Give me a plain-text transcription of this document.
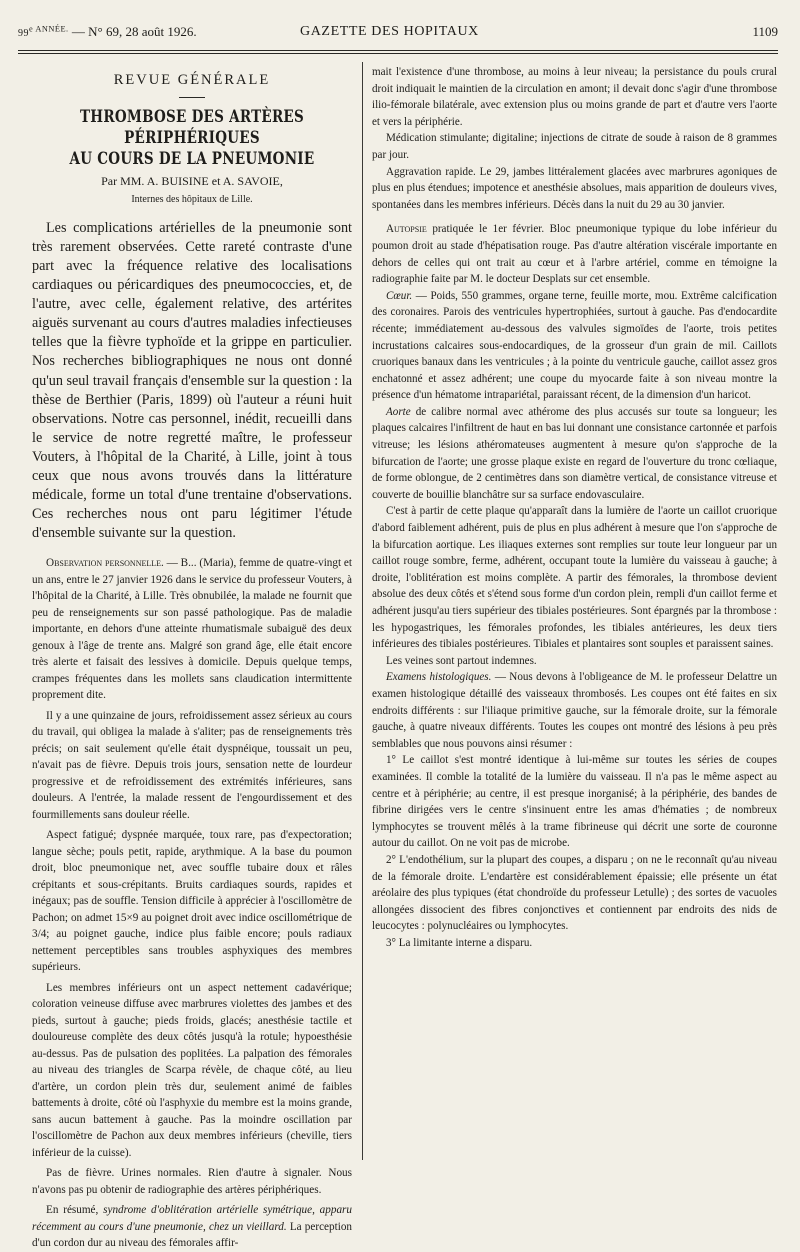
$99^{e ANNÉE.}$ — N° 69, 28 août 1926.	GAZETTE DES HOPITAUX	1109
REVUE GÉNÉRALE
THROMBOSE DES ARTÈRES PÉRIPHÉRIQUES
AU COURS DE LA PNEUMONIE
Par MM. A. BUISINE et A. SAVOIE,
Internes des hôpitaux de Lille.

Les complications artérielles de la pneumonie sont très rarement observées. Cette rareté contraste d'une part avec la fréquence relative des localisations cardiaques ou péricardiques des pneumococcies, et, de l'autre, avec celle, également relative, des artérites aiguës survenant au cours d'autres maladies infectieuses telles que la fièvre typhoïde et la grippe en particulier. Nos recherches bibliographiques ne nous ont donné qu'un seul travail français d'ensemble sur la question : la thèse de Berthier (Paris, 1899) où l'auteur a réuni huit observations. Notre cas personnel, inédit, recueilli dans le service de notre regretté maître, le professeur Vouters, à l'hôpital de la Charité, à Lille, joint à tous ceux que nous avons trouvés dans la littérature médicale, forme un total d'une trentaine d'observations. Ces recherches nous ont paru légitimer l'étude d'ensemble suivante sur la question.

Observation personnelle. — B... (Maria), femme de quatre-vingt et un ans, entre le 27 janvier 1926 dans le service du professeur Vouters, à l'hôpital de la Charité, à Lille. Très obnubilée, la malade ne fournit que peu de renseignements sur son passé pathologique. Pas de maladie importante, en dehors d'une atteinte rhumatismale subaiguë des deux genoux à l'âge de trente ans. Malgré son grand âge, elle était encore très alerte et faisait des lessives à domicile. Depuis quelque temps, crampes fréquentes dans les mollets sans claudication intermittente proprement dite.

Il y a une quinzaine de jours, refroidissement assez sérieux au cours du travail, qui obligea la malade à s'aliter; pas de renseignements très précis; on sait seulement qu'elle était dyspnéique, toussait un peu, n'avait pas de fièvre. Depuis trois jours, sensation nette de lourdeur progressive et de refroidissement des extrémités inférieures, sans douleurs. A l'entrée, la malade ressent de l'engourdissement et des fourmillements sans douleur réelle.

Aspect fatigué; dyspnée marquée, toux rare, pas d'expectoration; langue sèche; pouls petit, rapide, arythmique. A la base du poumon droit, bloc pneumonique net, avec souffle tubaire doux et râles crépitants et sous-crépitants. Bruits cardiaques sourds, rapides et inégaux; pas de souffle. Tension difficile à apprécier à l'oscillomètre de Pachon; on admet 15×9 au poignet droit avec indice oscillométrique de 3/4; au poignet gauche, indice plus faible encore; pouls radiaux nettement perceptibles sans troubles asphyxiques des membres supérieurs.

Les membres inférieurs ont un aspect nettement cadavérique; coloration veineuse diffuse avec marbrures violettes des jambes et des pieds, surtout à gauche; pieds froids, glacés; anesthésie tactile et douloureuse complète des deux côtés jusqu'à la rotule; hypoesthésie au-dessus. Pas de pulsation des poplitées. La palpation des fémorales au niveau des triangles de Scarpa révèle, de chaque côté, au lieu d'artère, un cordon plein très dur, seulement animé de faibles battements à droite, côté où l'asphyxie du membre est la moins grande, sans aucun battement à gauche. Pas la moindre oscillation par l'oscillomètre de Pachon aux deux membres inférieurs (cheville, tiers inférieur de la cuisse).

Pas de fièvre. Urines normales. Rien d'autre à signaler. Nous n'avons pas pu obtenir de radiographie des artères périphériques.

En résumé, syndrome d'oblitération artérielle symétrique, apparu récemment au cours d'une pneumonie, chez un vieillard. La perception d'un cordon dur au niveau des fémorales affir-

mait l'existence d'une thrombose, au moins à leur niveau; la persistance du pouls crural droit indiquait le maintien de la circulation en amont; il devait donc s'agir d'une thrombose ilio-fémorale bilatérale, avec extension plus ou moins grande de part et d'autre vers l'aorte et vers la périphérie.

Médication stimulante; digitaline; injections de citrate de soude à raison de 8 grammes par jour.

Aggravation rapide. Le 29, jambes littéralement glacées avec marbrures agoniques de plus en plus étendues; impotence et anesthésie absolues, mais apparition de douleurs vives, spontanées dans les membres inférieurs. Décès dans la nuit du 29 au 30 janvier.

Autopsie pratiquée le 1er février. Bloc pneumonique typique du lobe inférieur du poumon droit au stade d'hépatisation rouge. Pas d'autre altération viscérale importante en dehors de celles qui ont trait au cœur et à l'arbre artériel, comme en témoigne la radiographie faite par M. le docteur Desplats sur cet ensemble.

Cœur. — Poids, 550 grammes, organe terne, feuille morte, mou. Extrême calcification des coronaires. Parois des ventricules hypertrophiées, surtout à gauche. Pas d'endocardite récente; immédiatement au-dessous des valvules sigmoïdes de l'aorte, trois petites incrustations calcaires sous-endocardiques, de la grosseur d'un grain de mil. Caillots cruoriques banaux dans les ventricules ; à la pointe du ventricule gauche, caillot assez gros enchatonné et assez adhérent; une coupe du myocarde faite à son niveau montre la présence d'un hématome intrapariétal, paraissant récent, de la dimension d'un haricot.

Aorte de calibre normal avec athérome des plus accusés sur toute sa longueur; les plaques calcaires l'infiltrent de haut en bas lui donnant une consistance cartonnée et parfois vitreuse; les lésions athéromateuses augmentent à mesure qu'on s'approche de la bifurcation de l'aorte; une grosse plaque existe en regard de l'ouverture du tronc cœliaque, de forme oblongue, de 2 centimètres dans son diamètre vertical, de consistance vitreuse et couverte de bouillie blanchâtre sur sa surface endovasculaire.

C'est à partir de cette plaque qu'apparaît dans la lumière de l'aorte un caillot cruorique d'abord faiblement adhérent, puis de plus en plus adhérent à mesure que l'on s'approche de la bifurcation aortique. Les iliaques externes sont remplies sur toute leur longueur par un caillot rouge sombre, ferme, adhérent, occupant toute la lumière du vaisseau à gauche; à droite, l'oblitération est moins complète. A partir des fémorales, la thrombose devient absolue des deux côtés et s'étend sous forme d'un cordon plein, rempli d'un caillot ferme et adhérent jusqu'au tiers supérieur des tibiales postérieures. Sont épargnés par la thrombose : les hypogastriques, les fémorales profondes, les tibiales antérieures, les deux tiers inférieures des tibiales postérieures. Tibiales et plantaires sont souples et paraissent saines.

Les veines sont partout indemnes.

Examens histologiques. — Nous devons à l'obligeance de M. le professeur Delattre un examen histologique détaillé des vaisseaux thrombosés. Les coupes ont été faites en six endroits différents : sur l'iliaque primitive gauche, sur la fémorale droite, sur la fémorale gauche, à quatre niveaux différents. Toutes les coupes ont montré des lésions à peu près semblables que nous pouvons ainsi résumer :

1° Le caillot s'est montré identique à lui-même sur toutes les séries de coupes examinées. Il comble la totalité de la lumière du vaisseau. Il n'a pas le même aspect au centre et à périphérie; au centre, il est presque inorganisé; à la périphérie, des bandes de fibrine dirigées vers le centre s'insinuent entre les amas d'hématies ; de nombreux lymphocytes se trouvent mêlés à la trame fibrineuse qui décrit une sorte de couronne autour du caillot. On ne voit pas de microbe.

2° L'endothélium, sur la plupart des coupes, a disparu ; on ne le reconnaît qu'au niveau de la fémorale droite. L'endartère est considérablement épaissie; elle présente un état aréolaire des plus typiques (état chondroïde du professeur Letulle) ; des sortes de vacuoles allongées dissocient des fibres conjonctives et contiennent par endroits des nids de leucocytes : polynucléaires ou lymphocytes.

3° La limitante interne a disparu.
